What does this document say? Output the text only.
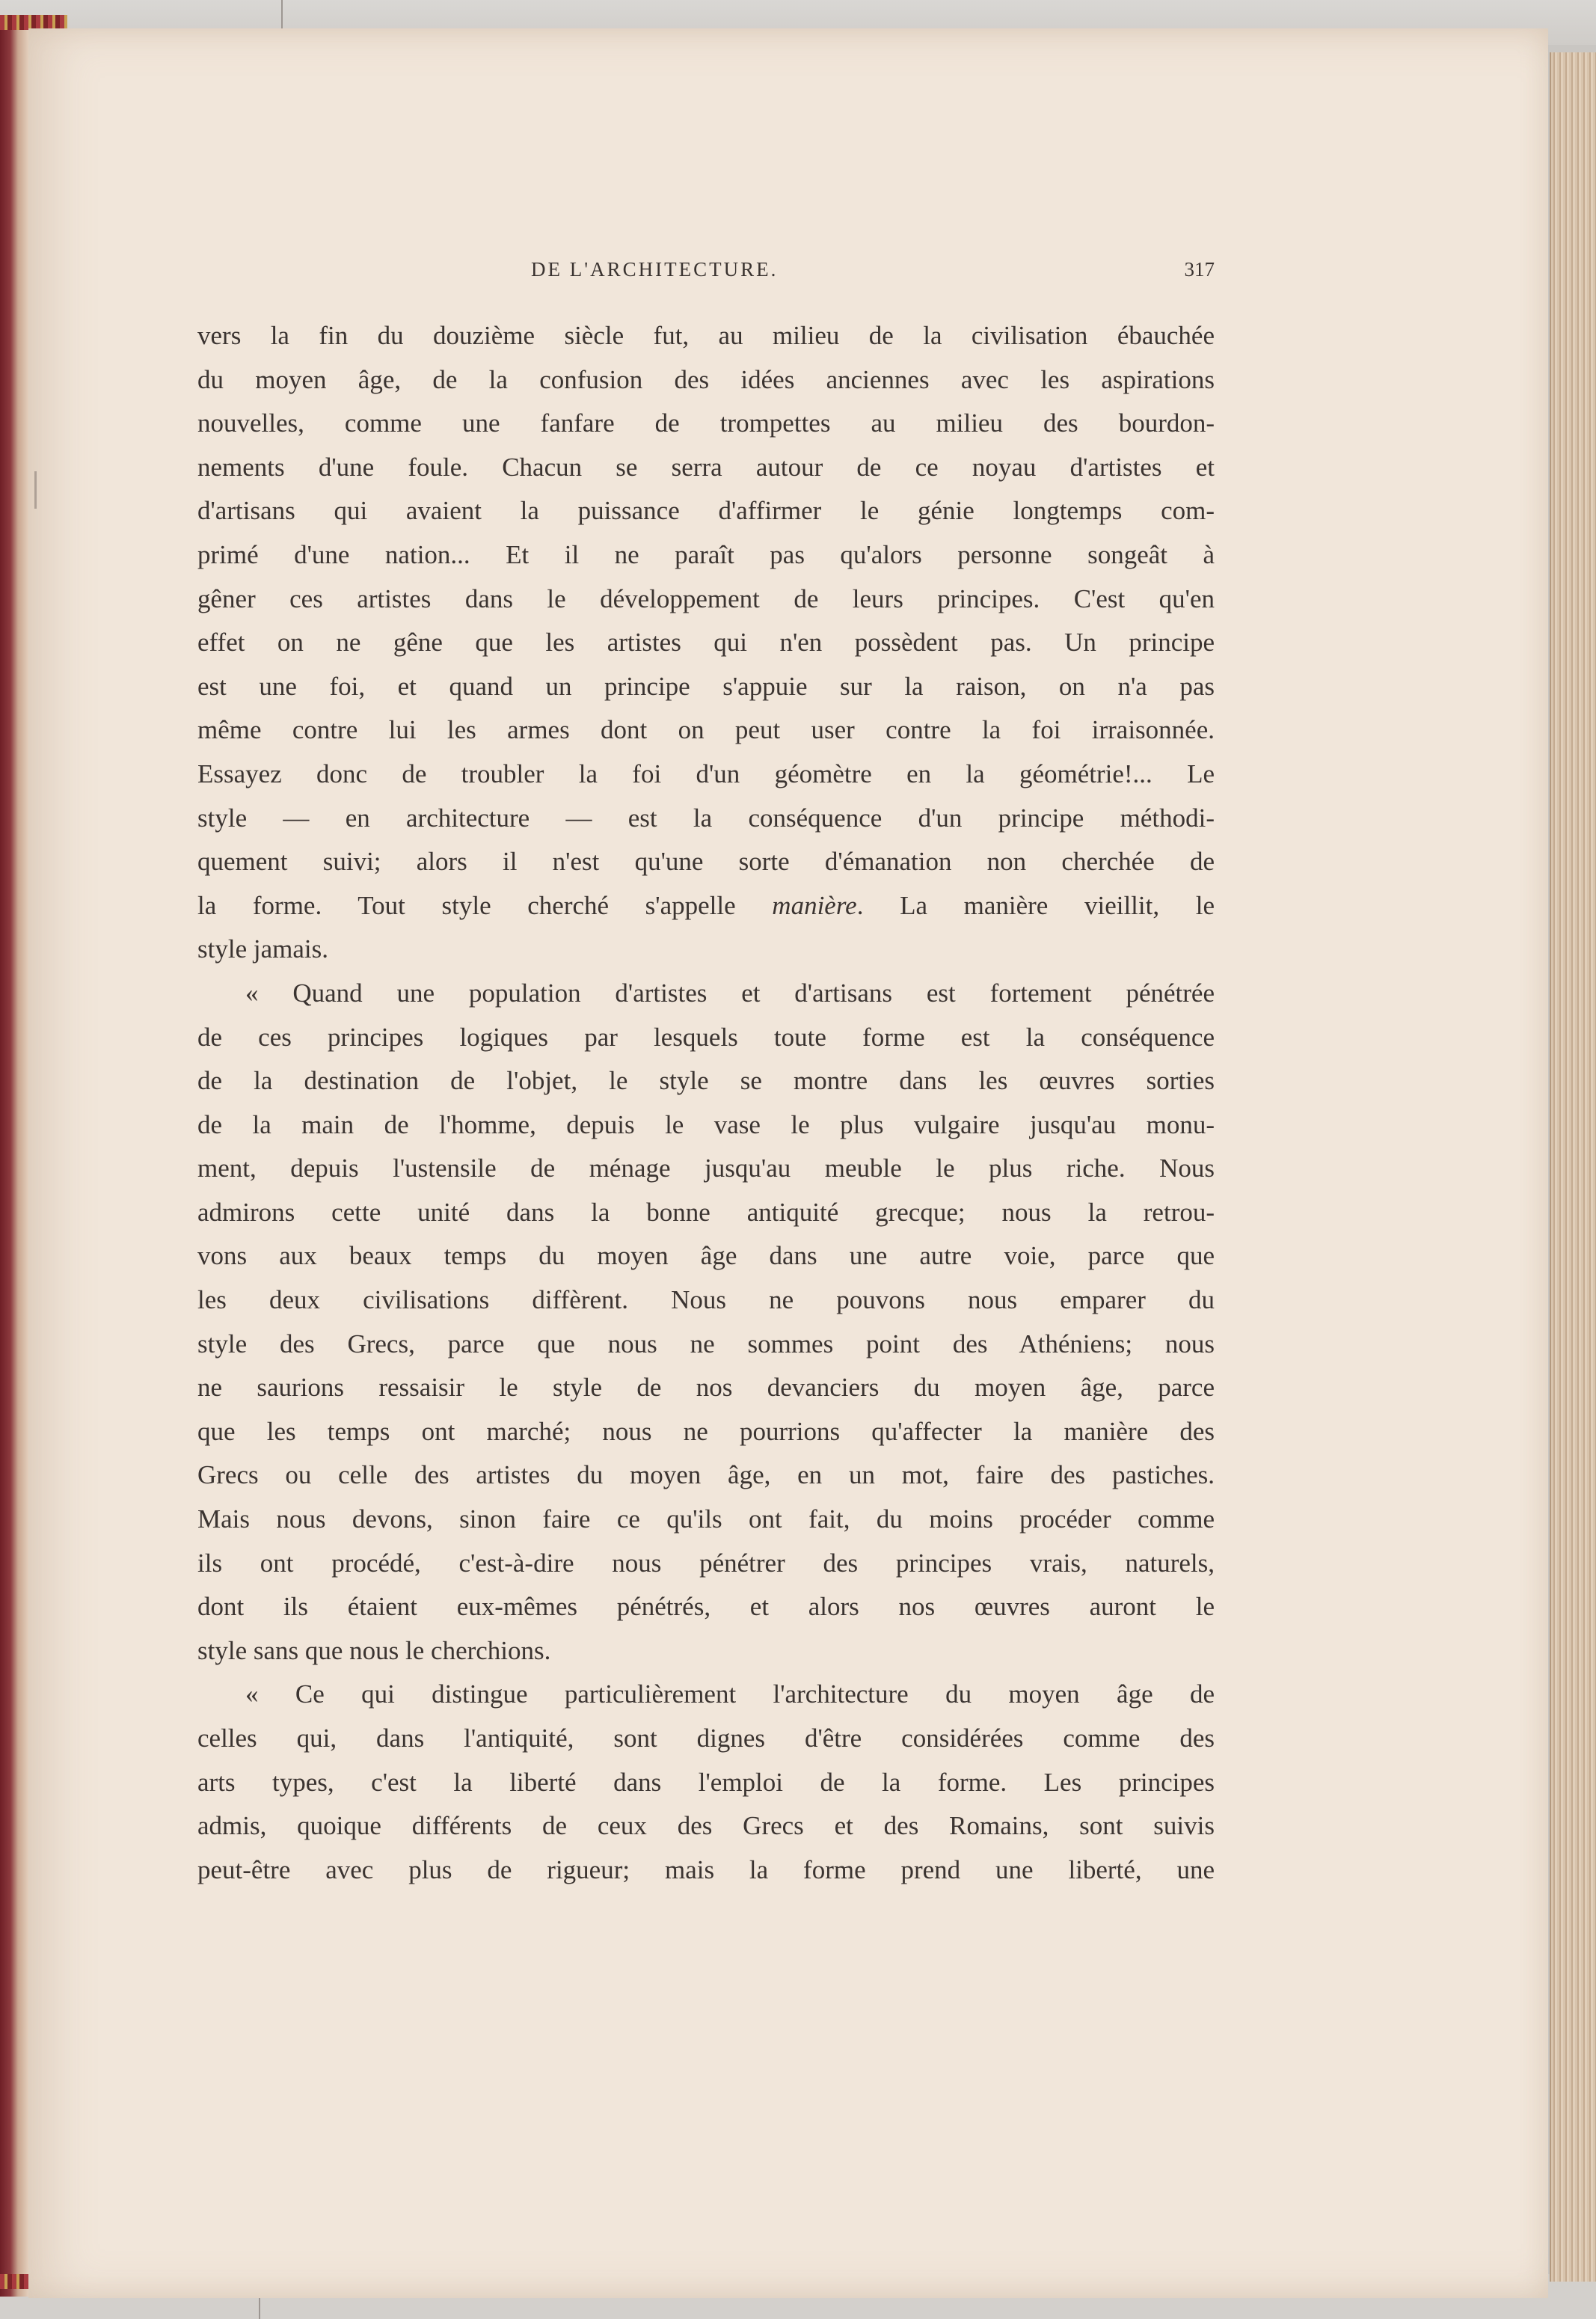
DE L'ARCHITECTURE.	317
vers la fin du douzième siècle fut, au milieu de la civilisation ébauchée
du moyen âge, de la confusion des idées anciennes avec les aspirations
nouvelles, comme une fanfare de trompettes au milieu des bourdon-
nements d'une foule. Chacun se serra autour de ce noyau d'artistes et
d'artisans qui avaient la puissance d'affirmer le génie longtemps com-
primé d'une nation... Et il ne paraît pas qu'alors personne songeât à
gêner ces artistes dans le développement de leurs principes. C'est qu'en
effet on ne gêne que les artistes qui n'en possèdent pas. Un principe
est une foi, et quand un principe s'appuie sur la raison, on n'a pas
même contre lui les armes dont on peut user contre la foi irraisonnée.
Essayez donc de troubler la foi d'un géomètre en la géométrie!... Le
style — en architecture — est la conséquence d'un principe méthodi-
quement suivi; alors il n'est qu'une sorte d'émanation non cherchée de
la forme. Tout style cherché s'appelle manière. La manière vieillit, le
style jamais.
« Quand une population d'artistes et d'artisans est fortement pénétrée
de ces principes logiques par lesquels toute forme est la conséquence
de la destination de l'objet, le style se montre dans les œuvres sorties
de la main de l'homme, depuis le vase le plus vulgaire jusqu'au monu-
ment, depuis l'ustensile de ménage jusqu'au meuble le plus riche. Nous
admirons cette unité dans la bonne antiquité grecque; nous la retrou-
vons aux beaux temps du moyen âge dans une autre voie, parce que
les deux civilisations diffèrent. Nous ne pouvons nous emparer du
style des Grecs, parce que nous ne sommes point des Athéniens; nous
ne saurions ressaisir le style de nos devanciers du moyen âge, parce
que les temps ont marché; nous ne pourrions qu'affecter la manière des
Grecs ou celle des artistes du moyen âge, en un mot, faire des pastiches.
Mais nous devons, sinon faire ce qu'ils ont fait, du moins procéder comme
ils ont procédé, c'est-à-dire nous pénétrer des principes vrais, naturels,
dont ils étaient eux-mêmes pénétrés, et alors nos œuvres auront le
style sans que nous le cherchions.
« Ce qui distingue particulièrement l'architecture du moyen âge de
celles qui, dans l'antiquité, sont dignes d'être considérées comme des
arts types, c'est la liberté dans l'emploi de la forme. Les principes
admis, quoique différents de ceux des Grecs et des Romains, sont suivis
peut-être avec plus de rigueur; mais la forme prend une liberté, une
